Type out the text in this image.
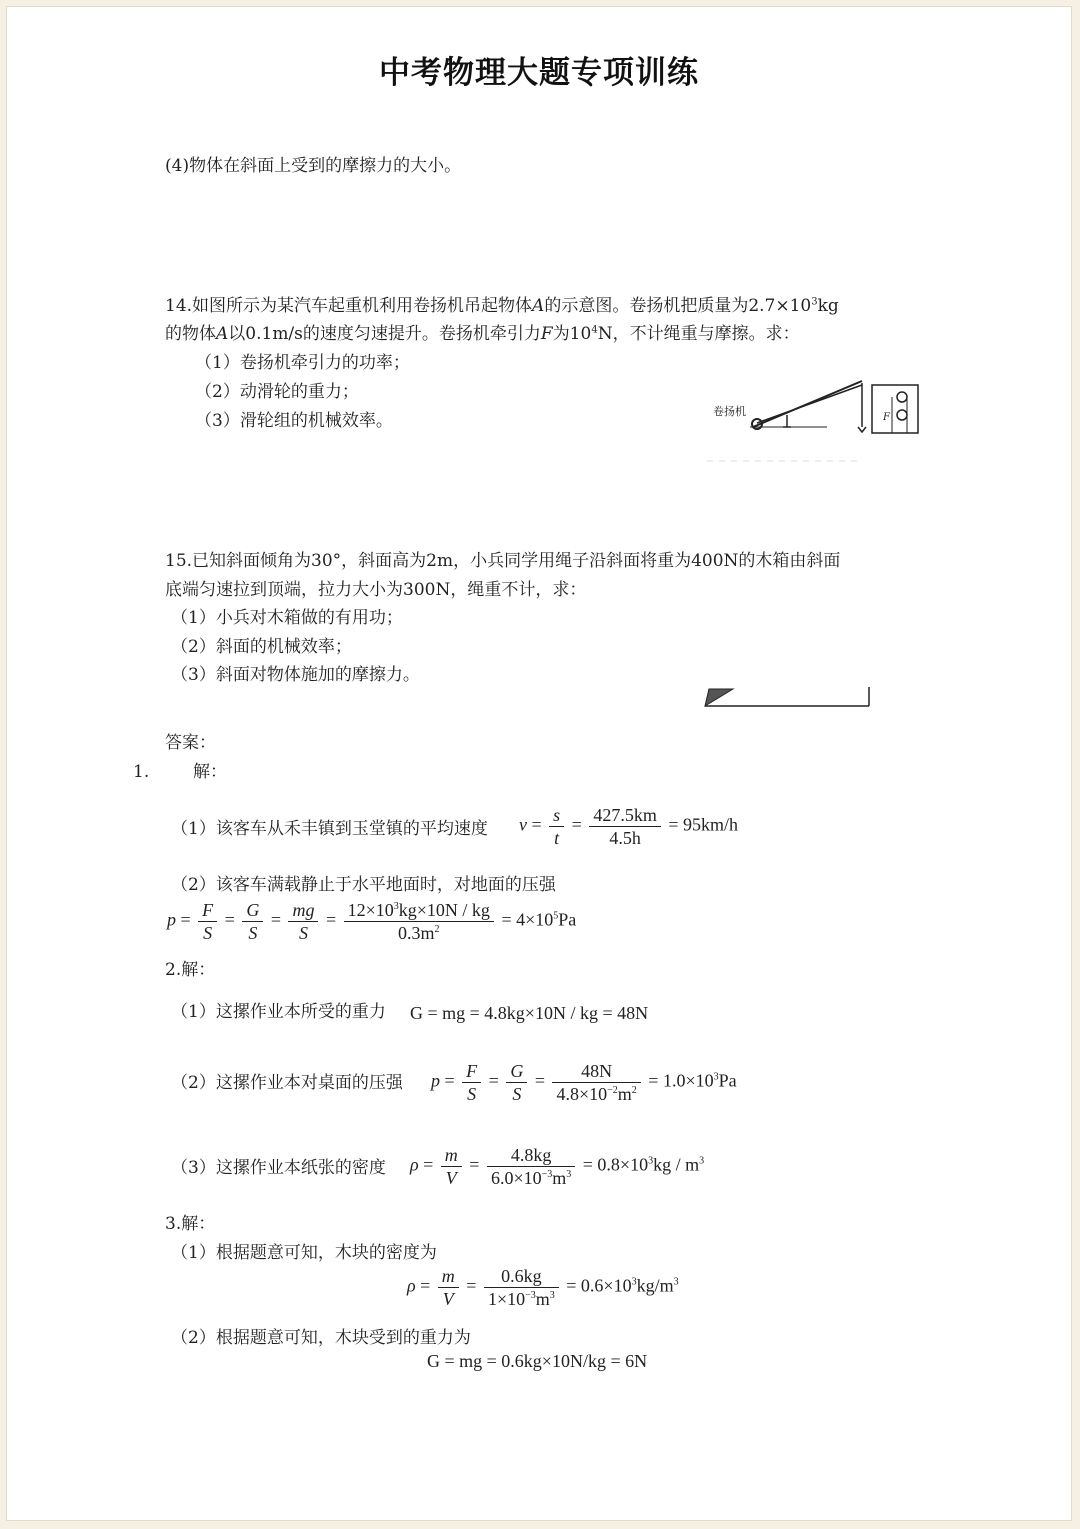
中考物理大题专项训练
(4)物体在斜面上受到的摩擦力的大小。
14.如图所示为某汽车起重机利用卷扬机吊起物体A的示意图。卷扬机把质量为$2.7\times 10^3kg$
的物体A以0.1m/s的速度匀速提升。卷扬机牵引力F为$10^4N$，不计绳重与摩擦。求：
（1）卷扬机牵引力的功率；
（2）动滑轮的重力；
（3）滑轮组的机械效率。	卷扬机	F
15.已知斜面倾角为30°，斜面高为2m，小兵同学用绳子沿斜面将重为400N的木箱由斜面
底端匀速拉到顶端，拉力大小为300N，绳重不计，求：
（1）小兵对木箱做的有用功；
（2）斜面的机械效率；
（3）斜面对物体施加的摩擦力。
答案：
1.	解：
（1）该客车从禾丰镇到玉堂镇的平均速度 $v = \frac{s}{t} = \frac{427.5km}{4.5h} = 95km/h$
（2）该客车满载静止于水平地面时，对地面的压强
$p = \frac{F}{S} = \frac{G}{S} = \frac{mg}{S} = \frac{12\times 10^3kg\times 10N / kg}{0.3m^2} = 4\times 10^5Pa$
2.解：
（1）这摞作业本所受的重力 G = mg = 4.8kg×10N / kg = 48N
（2）这摞作业本对桌面的压强 $p = \frac{F}{S} = \frac{G}{S} = \frac{48N}{4.8\times 10^{-2}m^2} = 1.0\times 10^3Pa$
（3）这摞作业本纸张的密度 $\rho = \frac{m}{V} = \frac{4.8kg}{6.0\times 10^{-3}m^3} = 0.8\times 10^3kg / m^3$
3.解：
（1）根据题意可知，木块的密度为
$\rho = \frac{m}{V} = \frac{0.6kg}{1\times 10^{-3}m^3} = 0.6\times 10^3kg/m^3$
（2）根据题意可知，木块受到的重力为
G = mg = 0.6kg×10N/kg = 6N
